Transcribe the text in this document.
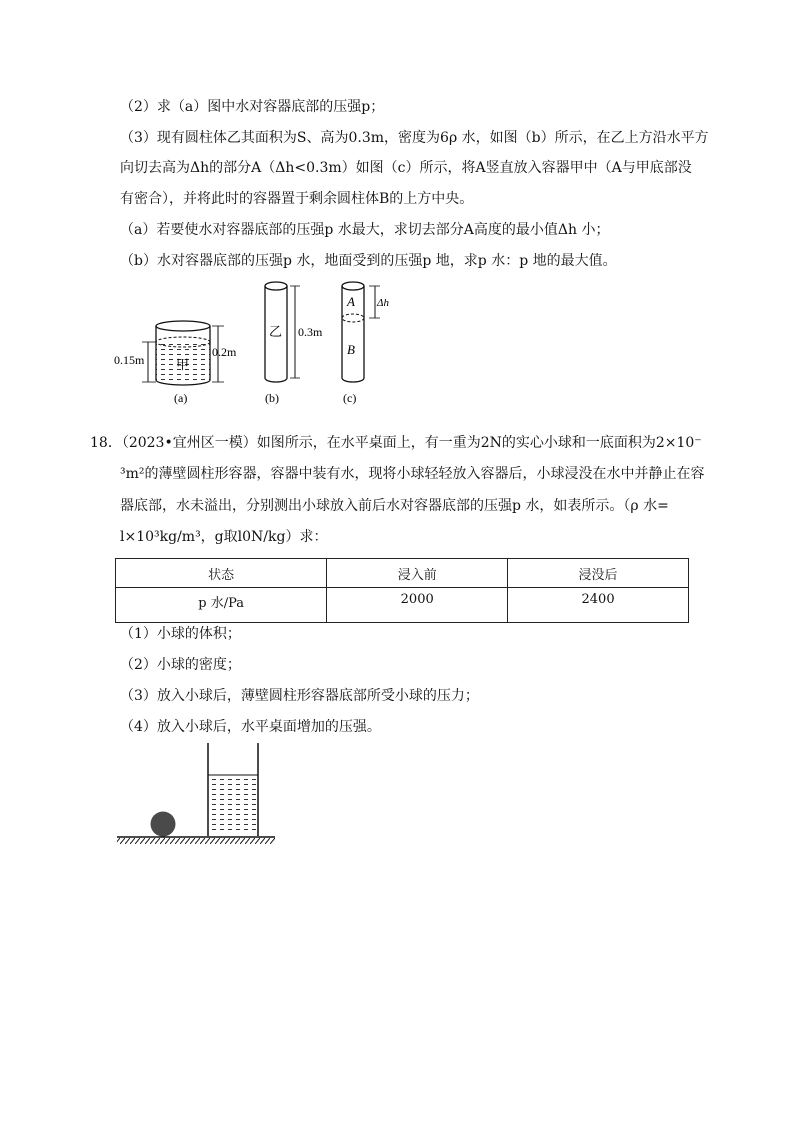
（2）求（a）图中水对容器底部的压强p；
（3）现有圆柱体乙其面积为S、高为0.3m，密度为6ρ 水，如图（b）所示，在乙上方沿水平方
向切去高为Δh的部分A（Δh<0.3m）如图（c）所示，将A竖直放入容器甲中（A与甲底部没
有密合），并将此时的容器置于剩余圆柱体B的上方中央。
（a）若要使水对容器底部的压强p 水最大，求切去部分A高度的最小值Δh 小；
（b）水对容器底部的压强p 水，地面受到的压强p 地，求p 水：p 地的最大值。
甲
0.15m
0.2m
(a)
乙 0.3m
(b)
A
B
Δh
(c)
18．（2023•宜州区一模）如图所示，在水平桌面上，有一重为2N的实心小球和一底面积为2×10⁻
³m²的薄壁圆柱形容器，容器中装有水，现将小球轻轻放入容器后，小球浸没在水中并静止在容
器底部，水未溢出，分别测出小球放入前后水对容器底部的压强p 水，如表所示。（ρ 水=
l×10³kg/m³，g取l0N/kg）求：
状态	浸入前	浸没后
p 水/Pa	2000	2400
（1）小球的体积；
（2）小球的密度；
（3）放入小球后，薄壁圆柱形容器底部所受小球的压力；
（4）放入小球后，水平桌面增加的压强。
